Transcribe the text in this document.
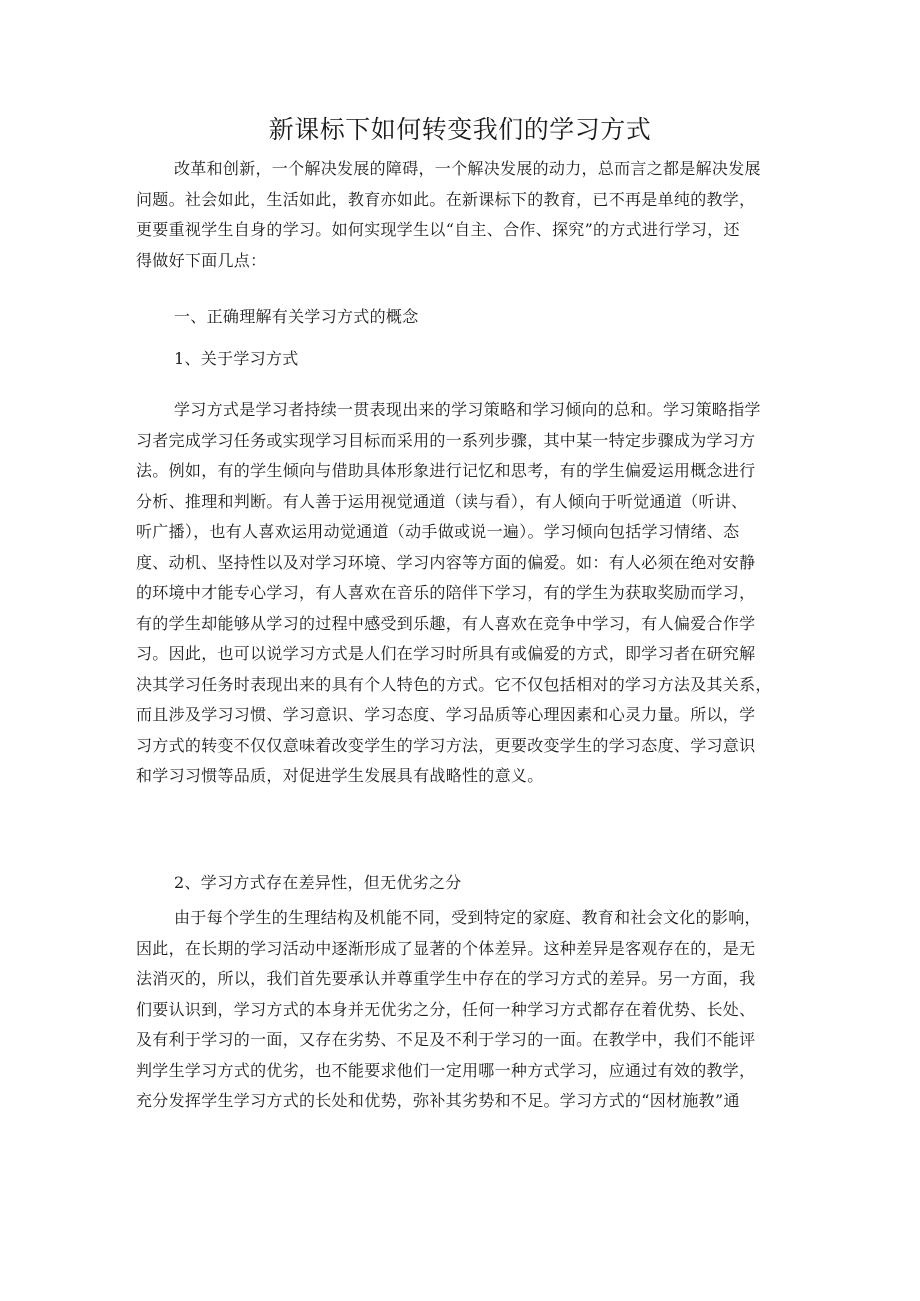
新课标下如何转变我们的学习方式
改革和创新，一个解决发展的障碍，一个解决发展的动力，总而言之都是解决发展
问题。社会如此，生活如此，教育亦如此。在新课标下的教育，已不再是单纯的教学，
更要重视学生自身的学习。如何实现学生以“自主、合作、探究”的方式进行学习，还
得做好下面几点：
一、正确理解有关学习方式的概念
1、关于学习方式
学习方式是学习者持续一贯表现出来的学习策略和学习倾向的总和。学习策略指学
习者完成学习任务或实现学习目标而采用的一系列步骤，其中某一特定步骤成为学习方
法。例如，有的学生倾向与借助具体形象进行记忆和思考，有的学生偏爱运用概念进行
分析、推理和判断。有人善于运用视觉通道（读与看），有人倾向于听觉通道（听讲、
听广播），也有人喜欢运用动觉通道（动手做或说一遍）。学习倾向包括学习情绪、态
度、动机、坚持性以及对学习环境、学习内容等方面的偏爱。如：有人必须在绝对安静
的环境中才能专心学习，有人喜欢在音乐的陪伴下学习，有的学生为获取奖励而学习，
有的学生却能够从学习的过程中感受到乐趣，有人喜欢在竞争中学习，有人偏爱合作学
习。因此，也可以说学习方式是人们在学习时所具有或偏爱的方式，即学习者在研究解
决其学习任务时表现出来的具有个人特色的方式。它不仅包括相对的学习方法及其关系，
而且涉及学习习惯、学习意识、学习态度、学习品质等心理因素和心灵力量。所以，学
习方式的转变不仅仅意味着改变学生的学习方法，更要改变学生的学习态度、学习意识
和学习习惯等品质，对促进学生发展具有战略性的意义。
2、学习方式存在差异性，但无优劣之分
由于每个学生的生理结构及机能不同，受到特定的家庭、教育和社会文化的影响，
因此，在长期的学习活动中逐渐形成了显著的个体差异。这种差异是客观存在的，是无
法消灭的，所以，我们首先要承认并尊重学生中存在的学习方式的差异。另一方面，我
们要认识到，学习方式的本身并无优劣之分，任何一种学习方式都存在着优势、长处、
及有利于学习的一面，又存在劣势、不足及不利于学习的一面。在教学中，我们不能评
判学生学习方式的优劣，也不能要求他们一定用哪一种方式学习，应通过有效的教学，
充分发挥学生学习方式的长处和优势，弥补其劣势和不足。学习方式的“因材施教”通
